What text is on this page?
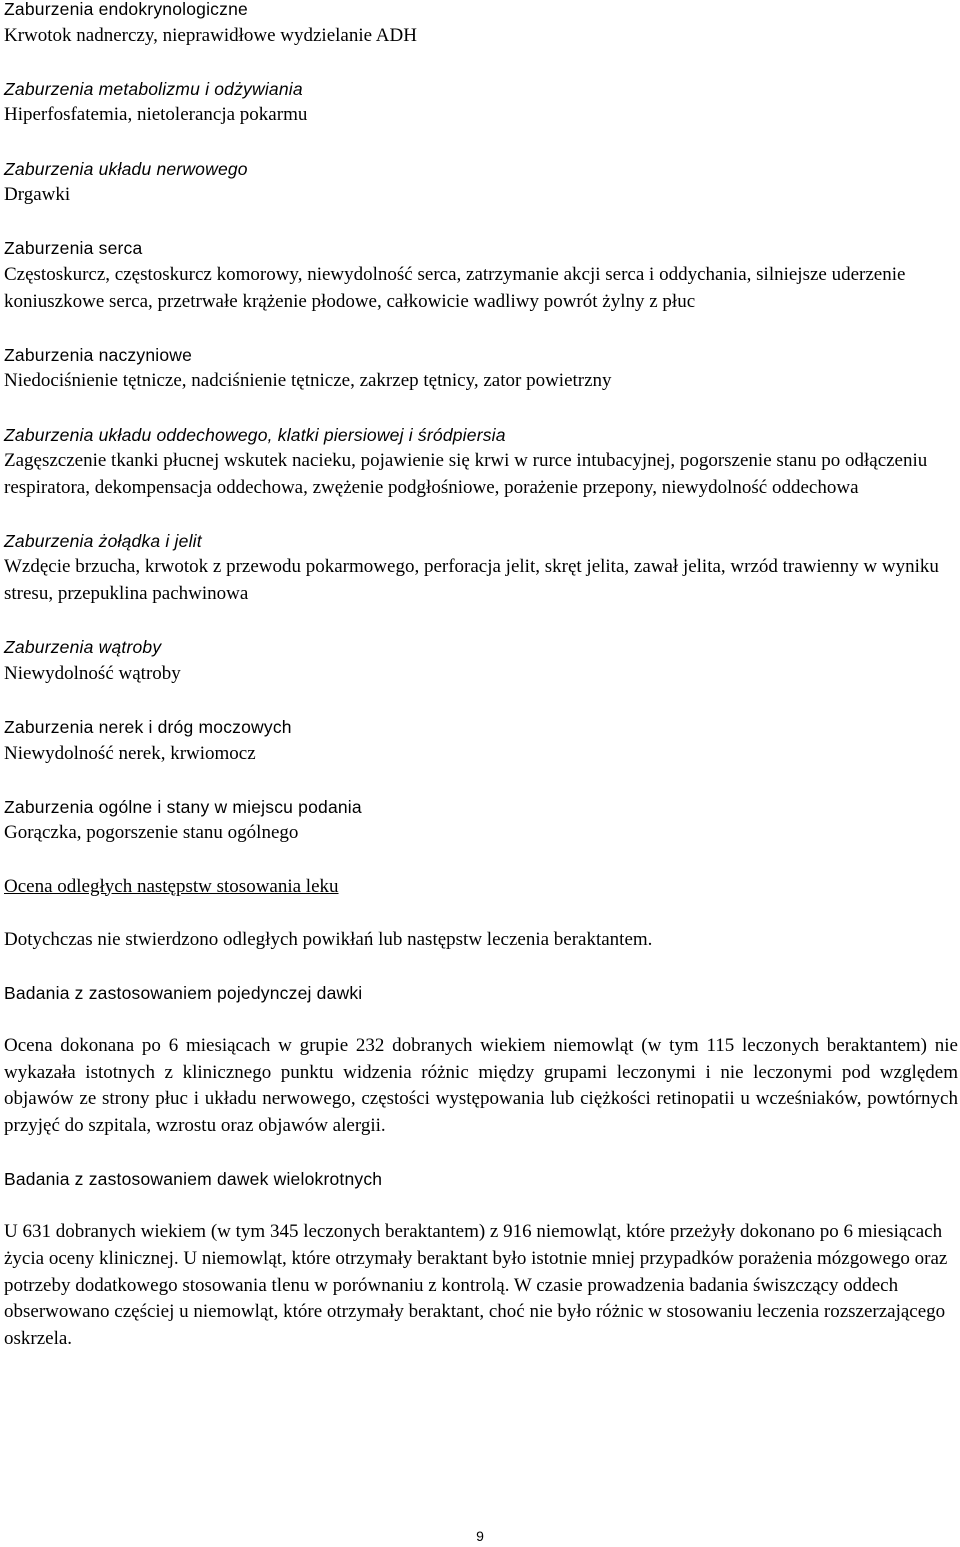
Zaburzenia endokrynologiczne

Krwotok nadnerczy, nieprawidłowe wydzielanie ADH

Zaburzenia metabolizmu i odżywiania

Hiperfosfatemia, nietolerancja pokarmu

Zaburzenia układu nerwowego

Drgawki

Zaburzenia serca

Częstoskurcz, częstoskurcz komorowy, niewydolność serca, zatrzymanie akcji serca i oddychania, silniejsze uderzenie koniuszkowe serca, przetrwałe krążenie płodowe, całkowicie wadliwy powrót żylny z płuc

Zaburzenia naczyniowe

Niedociśnienie tętnicze, nadciśnienie tętnicze, zakrzep tętnicy, zator powietrzny

Zaburzenia układu oddechowego, klatki piersiowej i śródpiersia

Zagęszczenie tkanki płucnej wskutek nacieku, pojawienie się krwi w rurce intubacyjnej, pogorszenie stanu po odłączeniu respiratora, dekompensacja oddechowa, zwężenie podgłośniowe, porażenie przepony, niewydolność oddechowa

Zaburzenia żołądka i jelit

Wzdęcie brzucha, krwotok z przewodu pokarmowego, perforacja jelit, skręt jelita, zawał jelita, wrzód trawienny w wyniku stresu, przepuklina pachwinowa

Zaburzenia wątroby

Niewydolność wątroby

Zaburzenia nerek i dróg moczowych

Niewydolność nerek, krwiomocz

Zaburzenia ogólne i stany w miejscu podania

Gorączka, pogorszenie stanu ogólnego

Ocena odległych następstw stosowania leku

Dotychczas nie stwierdzono odległych powikłań lub następstw leczenia beraktantem.

Badania z zastosowaniem pojedynczej dawki

Ocena dokonana po 6 miesiącach w grupie 232 dobranych wiekiem niemowląt (w tym 115 leczonych beraktantem) nie wykazała istotnych z klinicznego punktu widzenia różnic między grupami leczonymi i nie leczonymi pod względem objawów ze strony płuc i układu nerwowego, częstości występowania lub ciężkości retinopatii u wcześniaków, powtórnych przyjęć do szpitala, wzrostu oraz objawów alergii.

Badania z zastosowaniem dawek wielokrotnych

U 631 dobranych wiekiem (w tym 345 leczonych beraktantem) z 916 niemowląt, które przeżyły dokonano po 6 miesiącach życia oceny klinicznej. U niemowląt, które otrzymały beraktant było istotnie mniej przypadków porażenia mózgowego oraz potrzeby dodatkowego stosowania tlenu w porównaniu z kontrolą. W czasie prowadzenia badania świszczący oddech obserwowano częściej u niemowląt, które otrzymały beraktant, choć nie było różnic w stosowaniu leczenia rozszerzającego oskrzela.

9
